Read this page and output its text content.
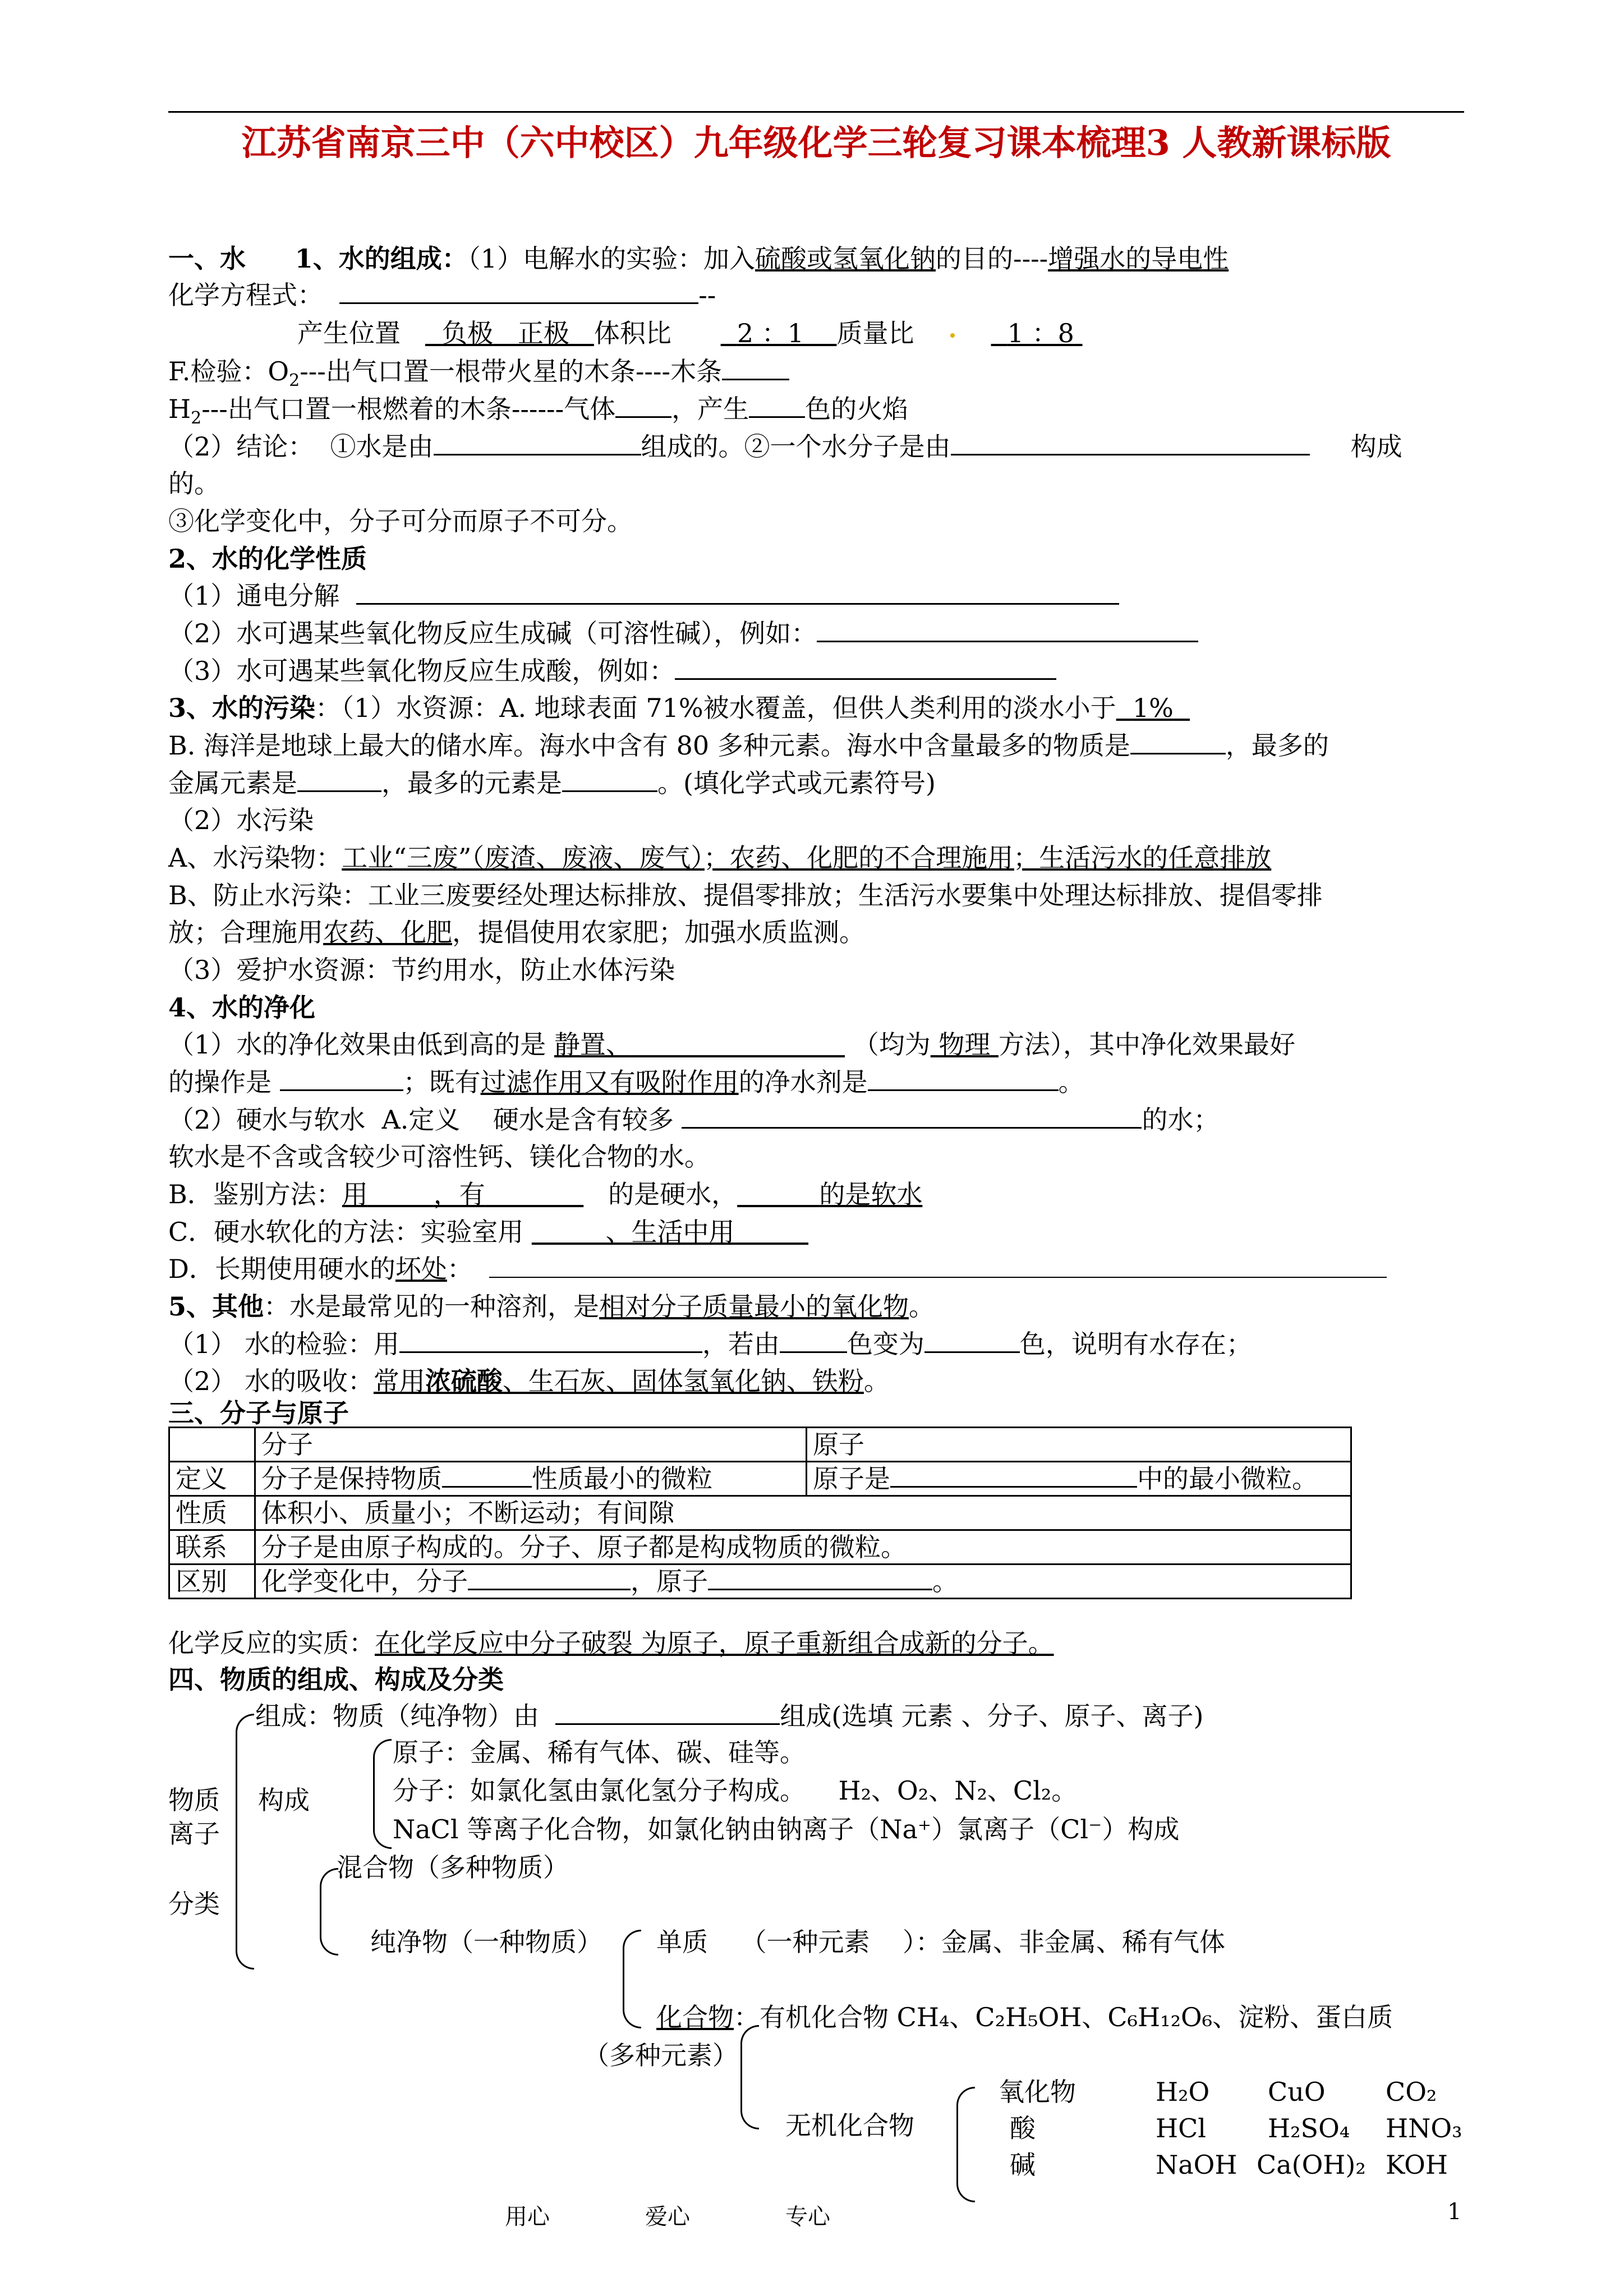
江苏省南京三中（六中校区）九年级化学三轮复习课本梳理3 人教新课标版
一、水 1、水的组成：（1）电解水的实验：加入硫酸或氢氧化钠的目的----增强水的导电性
化学方程式：	--
产生位置 负极 正极 体积比	2 ：1 质量比	1 ：8
F.检验：$O_2---$出气口置一根带火星的木条----木条
$H_2---$出气口置一根燃着的木条------气体 ，产生 色的火焰
（2）结论：  ①水是由	组成的。②一个水分子是由	构成
的。
③化学变化中，分子可分而原子不可分。
2、水的化学性质
（1）通电分解
（2）水可遇某些氧化物反应生成碱（可溶性碱），例如：
（3）水可遇某些氧化物反应生成酸，例如：
3、水的污染：（1）水资源：A. 地球表面 71%被水覆盖，但供人类利用的淡水小于 1%
B. 海洋是地球上最大的储水库。海水中含有 80 多种元素。海水中含量最多的物质是	，最多的
金属元素是	，最多的元素是	。(填化学式或元素符号)
（2）水污染
A、水污染物：工业“三废”（废渣、废液、废气）；农药、化肥的不合理施用；生活污水的任意排放
B、防止水污染：工业三废要经处理达标排放、提倡零排放；生活污水要集中处理达标排放、提倡零排
放；合理施用农药、化肥，提倡使用农家肥；加强水质监测。
（3）爱护水资源：节约用水，防止水体污染
4、水的净化
（1）水的净化效果由低到高的是 静置、	（均为 物理 方法），其中净化效果最好
的操作是	；既有过滤作用又有吸附作用的净水剂是	。
（2）硬水与软水  A.定义    硬水是含有较多	的水；
软水是不含或含较少可溶性钙、镁化合物的水。
B．鉴别方法：用	，有	的是硬水，	的是软水
C．硬水软化的方法：实验室用	、生活中用
D．长期使用硬水的坏处：
5、其他：水是最常见的一种溶剂，是相对分子质量最小的氧化物。
（1） 水的检验：用	，若由	色变为	色，说明有水存在；
（2） 水的吸收：常用浓硫酸、生石灰、固体氢氧化钠、铁粉。
三、分子与原子
	分子	原子
定义	分子是保持物质 性质最小的微粒	原子是 中的最小微粒。
性质	体积小、质量小；不断运动；有间隙	
联系	分子是由原子构成的。分子、原子都是构成物质的微粒。	
区别	化学变化中，分子 ，原子 。	
化学反应的实质：在化学反应中分子破裂 为原子，原子重新组合成新的分子。
四、物质的组成、构成及分类
组成：物质（纯净物）由	组成(选填 元素 、分子、原子、离子)
物质
离子
构成
原子：金属、稀有气体、碳、硅等。
分子：如氯化氢由氯化氢分子构成。 H₂、O₂、N₂、Cl₂。
NaCl 等离子化合物，如氯化钠由钠离子（Na⁺）氯离子（Cl⁻）构成
分类
混合物（多种物质）
纯净物（一种物质） 单质 （一种元素 ）：金属、非金属、稀有气体
化合物：有机化合物 CH₄、C₂H₅OH、C₆H₁₂O₆、淀粉、蛋白质
（多种元素）
无机化合物
氧化物	H₂O CuO CO₂
酸	HCl H₂SO₄ HNO₃
碱	NaOH Ca(OH)₂ KOH
用心	爱心	专心	1
